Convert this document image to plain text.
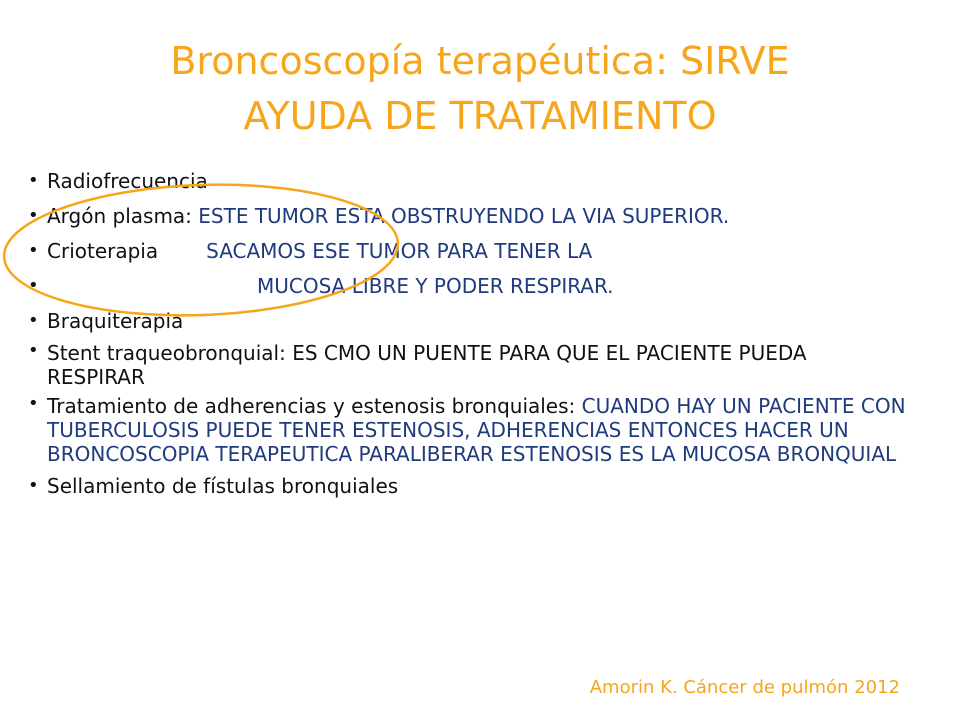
Broncoscopía terapéutica: SIRVE
AYUDA DE TRATAMIENTO
• Radiofrecuencia
• Argón plasma: ESTE TUMOR ESTA OBSTRUYENDO LA VIA SUPERIOR.
• Crioterapia SACAMOS ESE TUMOR PARA TENER LA
•	MUCOSA LIBRE Y PODER RESPIRAR.
• Braquiterapia
• Stent traqueobronquial: ES CMO UN PUENTE PARA QUE EL PACIENTE PUEDA RESPIRAR
• Tratamiento de adherencias y estenosis bronquiales: CUANDO HAY UN PACIENTE CON TUBERCULOSIS PUEDE TENER ESTENOSIS, ADHERENCIAS ENTONCES HACER UN BRONCOSCOPIA TERAPEUTICA PARALIBERAR ESTENOSIS ES LA MUCOSA BRONQUIAL
• Sellamiento de fístulas bronquiales
Amorin K. Cáncer de pulmón 2012
